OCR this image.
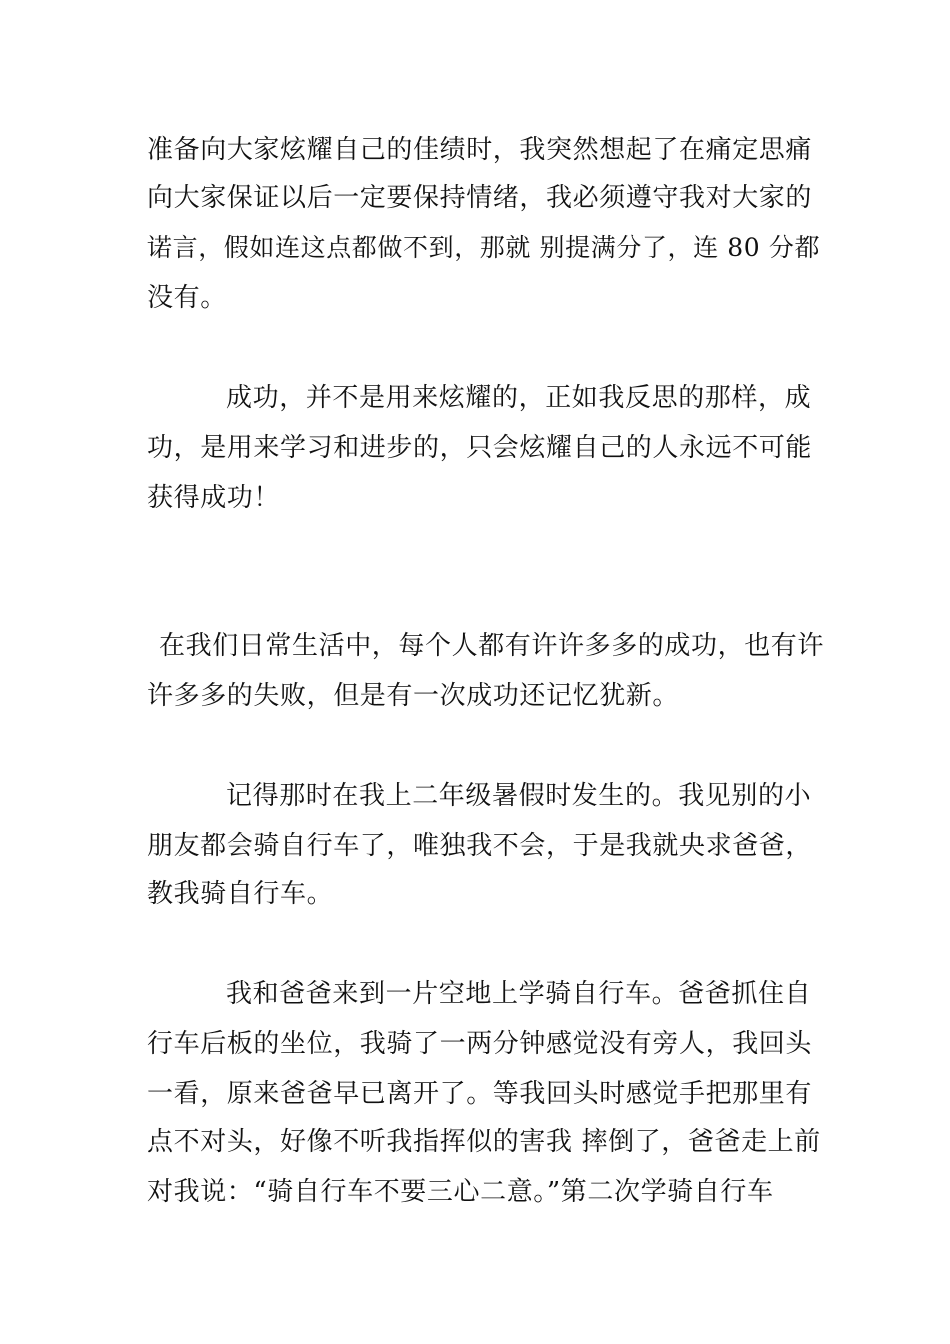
准备向大家炫耀自己的佳绩时，我突然想起了在痛定思痛
向大家保证以后一定要保持情绪，我必须遵守我对大家的
诺言，假如连这点都做不到，那就 别提满分了，连 80 分都
没有。
成功，并不是用来炫耀的，正如我反思的那样，成
功，是用来学习和进步的，只会炫耀自己的人永远不可能
获得成功！
在我们日常生活中，每个人都有许许多多的成功，也有许
许多多的失败，但是有一次成功还记忆犹新。
记得那时在我上二年级暑假时发生的。我见别的小
朋友都会骑自行车了，唯独我不会，于是我就央求爸爸，
教我骑自行车。
我和爸爸来到一片空地上学骑自行车。爸爸抓住自
行车后板的坐位，我骑了一两分钟感觉没有旁人，我回头
一看，原来爸爸早已离开了。等我回头时感觉手把那里有
点不对头，好像不听我指挥似的害我 摔倒了，爸爸走上前
对我说：“骑自行车不要三心二意。”第二次学骑自行车
